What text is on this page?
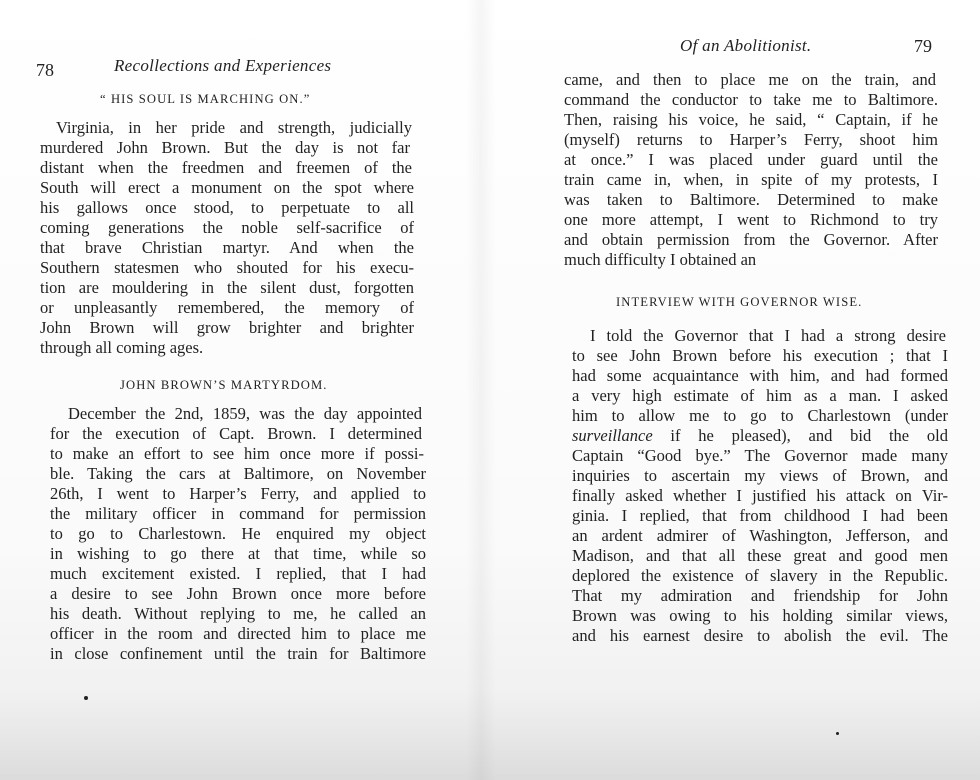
78	Recollections and Experiences
“ HIS SOUL IS MARCHING ON.”
Virginia, in her pride and strength, judicially
murdered John Brown. But the day is not far
distant when the freedmen and freemen of the
South will erect a monument on the spot where
his gallows once stood, to perpetuate to all
coming generations the noble self-sacrifice of
that brave Christian martyr. And when the
Southern statesmen who shouted for his execu-
tion are mouldering in the silent dust, forgotten
or unpleasantly remembered, the memory of
John Brown will grow brighter and brighter
through all coming ages.
JOHN BROWN’S MARTYRDOM.
December the 2nd, 1859, was the day appointed
for the execution of Capt. Brown. I determined
to make an effort to see him once more if possi-
ble. Taking the cars at Baltimore, on November
26th, I went to Harper’s Ferry, and applied to
the military officer in command for permission
to go to Charlestown. He enquired my object
in wishing to go there at that time, while so
much excitement existed. I replied, that I had
a desire to see John Brown once more before
his death. Without replying to me, he called an
officer in the room and directed him to place me
in close confinement until the train for Baltimore
Of an Abolitionist.	79
came, and then to place me on the train, and
command the conductor to take me to Baltimore.
Then, raising his voice, he said, “ Captain, if he
(myself) returns to Harper’s Ferry, shoot him
at once.” I was placed under guard until the
train came in, when, in spite of my protests, I
was taken to Baltimore. Determined to make
one more attempt, I went to Richmond to try
and obtain permission from the Governor. After
much difficulty I obtained an
INTERVIEW WITH GOVERNOR WISE.
I told the Governor that I had a strong desire
to see John Brown before his execution ; that I
had some acquaintance with him, and had formed
a very high estimate of him as a man. I asked
him to allow me to go to Charlestown (under
surveillance if he pleased), and bid the old
Captain “Good bye.” The Governor made many
inquiries to ascertain my views of Brown, and
finally asked whether I justified his attack on Vir-
ginia. I replied, that from childhood I had been
an ardent admirer of Washington, Jefferson, and
Madison, and that all these great and good men
deplored the existence of slavery in the Republic.
That my admiration and friendship for John
Brown was owing to his holding similar views,
and his earnest desire to abolish the evil. The
